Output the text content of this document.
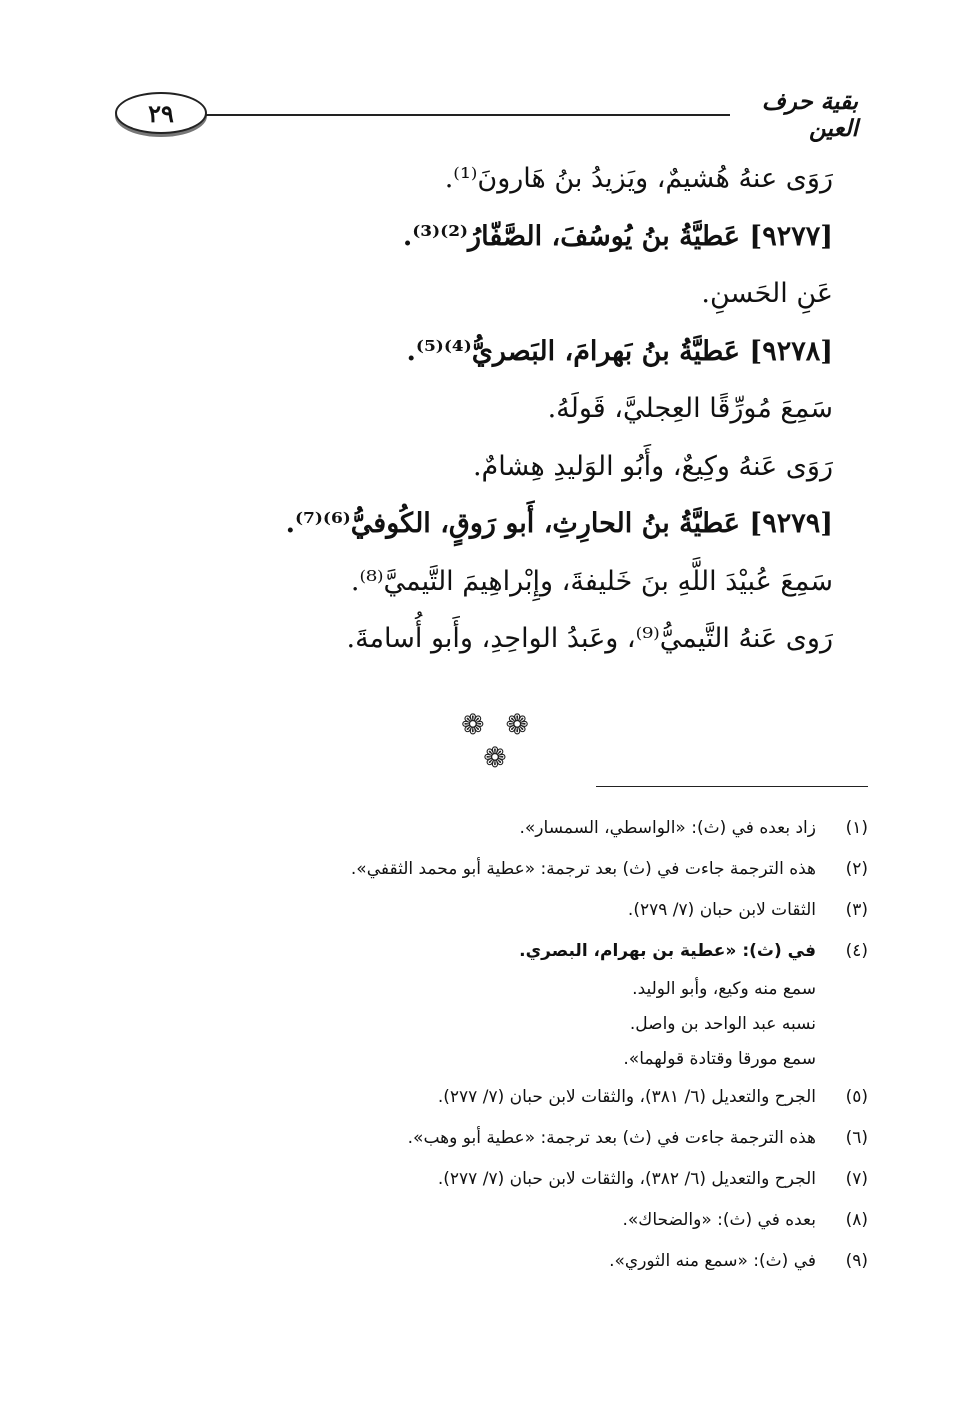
٢٩	بقية حرف العين
رَوَى عنهُ هُشيمٌ، ويَزيدُ بنُ هَارونَ⁽¹⁾.
[٩٢٧٧] عَطيَّةُ بنُ يُوسُفَ، الصَّفّارُ⁽²⁾⁽³⁾.
عَنِ الحَسنِ.
[٩٢٧٨] عَطيَّةُ بنُ بَهرامَ، البَصريُّ⁽⁴⁾⁽⁵⁾.
سَمِعَ مُورِّقًا العِجليَّ، قَولَهُ.
رَوَى عَنهُ وكِيعٌ، وأَبُو الوَليدِ هِشامٌ.
[٩٢٧٩] عَطيَّةُ بنُ الحارِثِ، أَبو رَوقٍ، الكُوفيُّ⁽⁶⁾⁽⁷⁾.
سَمِعَ عُبيْدَ اللَّهِ بنَ خَليفةَ، وإِبْراهِيمَ التَّيميَّ⁽⁸⁾.
رَوى عَنهُ التَّيميُّ⁽⁹⁾، وعَبدُ الواحِدِ، وأَبو أُسامةَ.
❁ ❁ ❁
(١)
زاد بعده في (ث): «الواسطي، السمسار».
(٢)
هذه الترجمة جاءت في (ث) بعد ترجمة: «عطية أبو محمد الثقفي».
(٣)
الثقات لابن حبان (٧/ ٢٧٩).
(٤)
في (ث): «عطية بن بهرام، البصري.
سمع منه وكيع، وأبو الوليد.
نسبه عبد الواحد بن واصل.
سمع مورقا وقتادة قولهما».
(٥)
الجرح والتعديل (٦/ ٣٨١)، والثقات لابن حبان (٧/ ٢٧٧).
(٦)
هذه الترجمة جاءت في (ث) بعد ترجمة: «عطية أبو وهب».
(٧)
الجرح والتعديل (٦/ ٣٨٢)، والثقات لابن حبان (٧/ ٢٧٧).
(٨)
بعده في (ث): «والضحاك».
(٩)
في (ث): «سمع منه الثوري».
